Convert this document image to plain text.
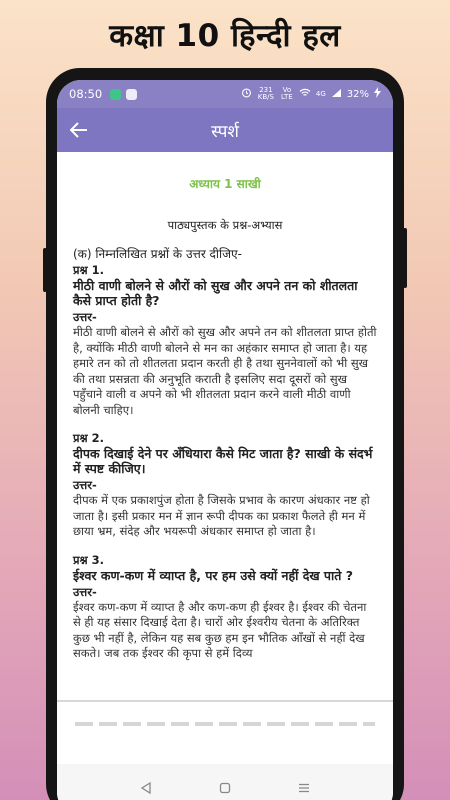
कक्षा 10 हिन्दी हल
08:50	231 KB/S
Vo LTE	4G 32%
स्पर्श
अध्याय 1 साखी
पाठ्यपुस्तक के प्रश्न-अभ्यास
(क) निम्नलिखित प्रश्नों के उत्तर दीजिए-
प्रश्न 1.
मीठी वाणी बोलने से औरों को सुख और अपने तन को शीतलता कैसे प्राप्त होती है?
उत्तर-
मीठी वाणी बोलने से औरों को सुख और अपने तन को शीतलता प्राप्त होती है, क्योंकि मीठी वाणी बोलने से मन का अहंकार समाप्त हो जाता है। यह हमारे तन को तो शीतलता प्रदान करती ही है तथा सुननेवालों को भी सुख की तथा प्रसन्नता की अनुभूति कराती है इसलिए सदा दूसरों को सुख पहुँचाने वाली व अपने को भी शीतलता प्रदान करने वाली मीठी वाणी बोलनी चाहिए।
प्रश्न 2.
दीपक दिखाई देने पर अँधियारा कैसे मिट जाता है? साखी के संदर्भ में स्पष्ट कीजिए।
उत्तर-
दीपक में एक प्रकाशपुंज होता है जिसके प्रभाव के कारण अंधकार नष्ट हो जाता है। इसी प्रकार मन में ज्ञान रूपी दीपक का प्रकाश फैलते ही मन में छाया भ्रम, संदेह और भयरूपी अंधकार समाप्त हो जाता है।
प्रश्न 3.
ईश्वर कण-कण में व्याप्त है, पर हम उसे क्यों नहीं देख पाते ?
उत्तर-
ईश्वर कण-कण में व्याप्त है और कण-कण ही ईश्वर है। ईश्वर की चेतना से ही यह संसार दिखाई देता है। चारों ओर ईश्वरीय चेतना के अतिरिक्त कुछ भी नहीं है, लेकिन यह सब कुछ हम इन भौतिक आँखों से नहीं देख सकते। जब तक ईश्वर की कृपा से हमें दिव्य
